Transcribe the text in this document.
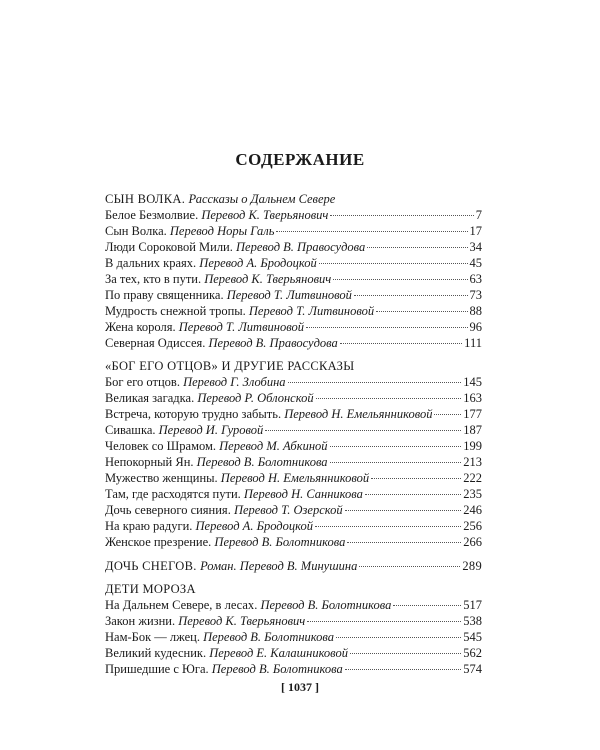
СОДЕРЖАНИЕ
СЫН ВОЛКА. Рассказы о Дальнем Севере
Белое Безмолвие . Перевод К. Тверьянович	7
Сын Волка . Перевод Норы Галь	17
Люди Сороковой Мили . Перевод В. Правосудова	34
В дальних краях . Перевод А. Бродоцкой	45
За тех, кто в пути . Перевод К. Тверьянович	63
По праву священника . Перевод Т. Литвиновой	73
Мудрость снежной тропы . Перевод Т. Литвиновой	88
Жена короля . Перевод Т. Литвиновой	96
Северная Одиссея . Перевод В. Правосудова	111
«БОГ ЕГО ОТЦОВ» И ДРУГИЕ РАССКАЗЫ
Бог его отцов . Перевод Г. Злобина	145
Великая загадка . Перевод Р. Облонской	163
Встреча, которую трудно забыть . Перевод Н. Емельянниковой 177
Сивашка . Перевод И. Гуровой	187
Человек со Шрамом . Перевод М. Абкиной	199
Непокорный Ян . Перевод В. Болотникова	213
Мужество женщины . Перевод Н. Емельянниковой	222
Там, где расходятся пути . Перевод Н. Санникова	235
Дочь северного сияния . Перевод Т. Озерской	246
На краю радуги . Перевод А. Бродоцкой	256
Женское презрение . Перевод В. Болотникова	266
ДОЧЬ СНЕГОВ . Роман. Перевод В. Минушина	289
ДЕТИ МОРОЗА
На Дальнем Севере, в лесах . Перевод В. Болотникова	517
Закон жизни . Перевод К. Тверьянович	538
Нам-Бок — лжец . Перевод В. Болотникова	545
Великий кудесник . Перевод Е. Калашниковой	562
Пришедшие с Юга . Перевод В. Болотникова	574
[ 1037 ]
